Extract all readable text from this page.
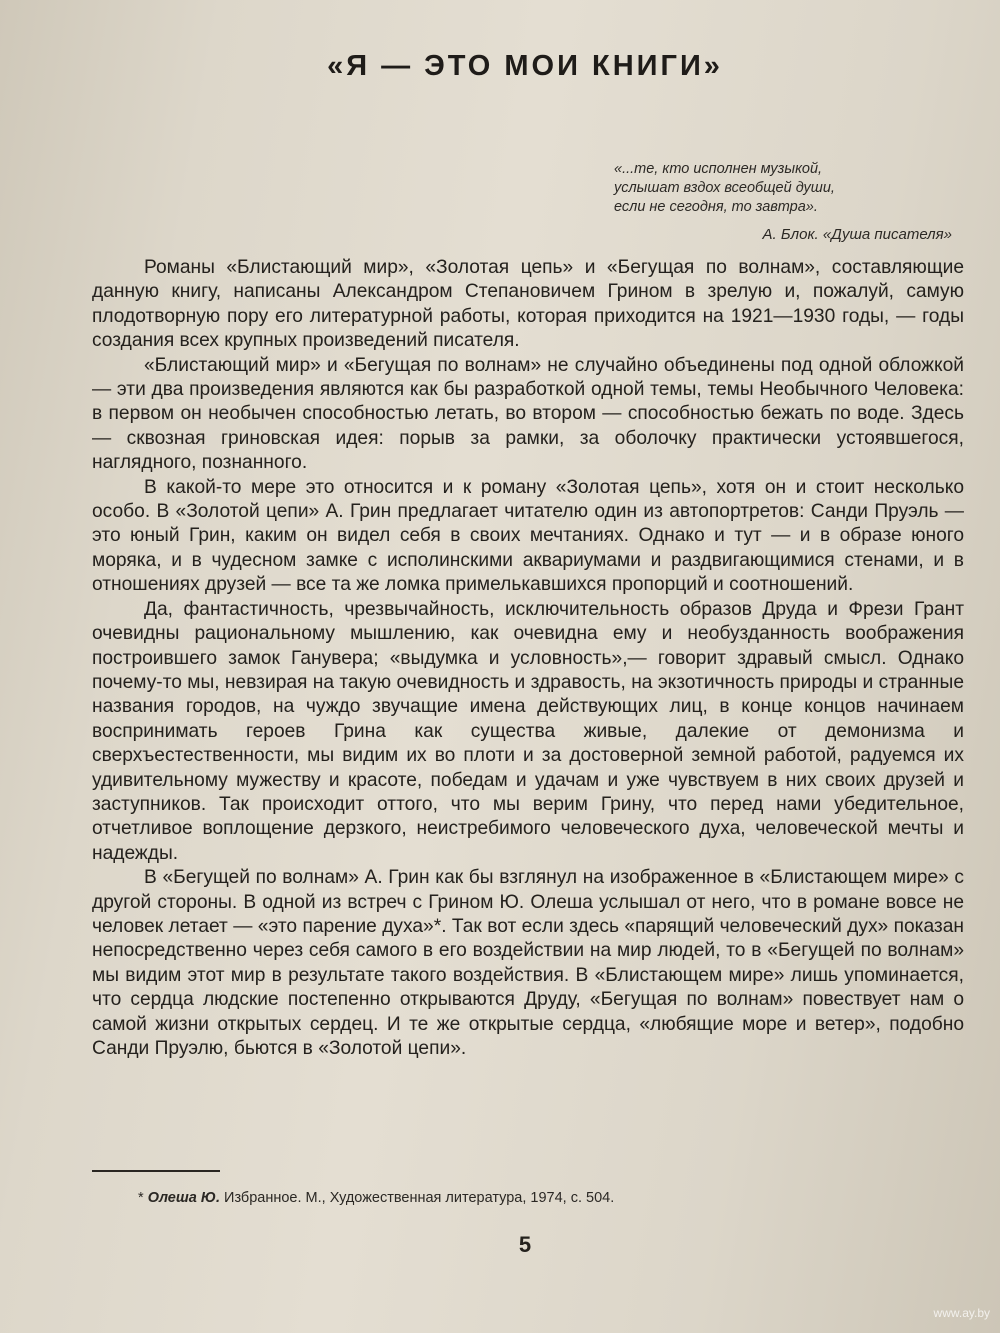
«Я — ЭТО МОИ КНИГИ»
«...те, кто исполнен музыкой,
услышат вздох всеобщей души,
если не сегодня, то завтра».
А. Блок. «Душа писателя»

Романы «Блистающий мир», «Золотая цепь» и «Бегущая по волнам», составляющие данную книгу, написаны Александром Степановичем Грином в зрелую и, пожалуй, самую плодотворную пору его литературной работы, которая приходится на 1921—1930 годы, — годы создания всех крупных произведений писателя.

«Блистающий мир» и «Бегущая по волнам» не случайно объединены под одной обложкой — эти два произведения являются как бы разработкой одной темы, темы Необычного Человека: в первом он необычен способностью летать, во втором — способностью бежать по воде. Здесь — сквозная гриновская идея: порыв за рамки, за оболочку практически устоявшегося, наглядного, познанного.

В какой-то мере это относится и к роману «Золотая цепь», хотя он и стоит несколько особо. В «Золотой цепи» А. Грин предлагает читателю один из автопортретов: Санди Пруэль — это юный Грин, каким он видел себя в своих мечтаниях. Однако и тут — и в образе юного моряка, и в чудесном замке с исполинскими аквариумами и раздвигающимися стенами, и в отношениях друзей — все та же ломка примелькавшихся пропорций и соотношений.

Да, фантастичность, чрезвычайность, исключительность образов Друда и Фрези Грант очевидны рациональному мышлению, как очевидна ему и необузданность воображения построившего замок Ганувера; «выдумка и условность»,— говорит здравый смысл. Однако почему-то мы, невзирая на такую очевидность и здравость, на экзотичность природы и странные названия городов, на чуждо звучащие имена действующих лиц, в конце концов начинаем воспринимать героев Грина как существа живые, далекие от демонизма и сверхъестественности, мы видим их во плоти и за достоверной земной работой, радуемся их удивительному мужеству и красоте, победам и удачам и уже чувствуем в них своих друзей и заступников. Так происходит оттого, что мы верим Грину, что перед нами убедительное, отчетливое воплощение дерзкого, неистребимого человеческого духа, человеческой мечты и надежды.

В «Бегущей по волнам» А. Грин как бы взглянул на изображенное в «Блистающем мире» с другой стороны. В одной из встреч с Грином Ю. Олеша услышал от него, что в романе вовсе не человек летает — «это парение духа»*. Так вот если здесь «парящий человеческий дух» показан непосредственно через себя самого в его воздействии на мир людей, то в «Бегущей по волнам» мы видим этот мир в результате такого воздействия. В «Блистающем мире» лишь упоминается, что сердца людские постепенно открываются Друду, «Бегущая по волнам» повествует нам о самой жизни открытых сердец. И те же открытые сердца, «любящие море и ветер», подобно Санди Пруэлю, бьются в «Золотой цепи».

* Олеша Ю. Избранное. М., Художественная литература, 1974, с. 504.
5
www.ay.by
